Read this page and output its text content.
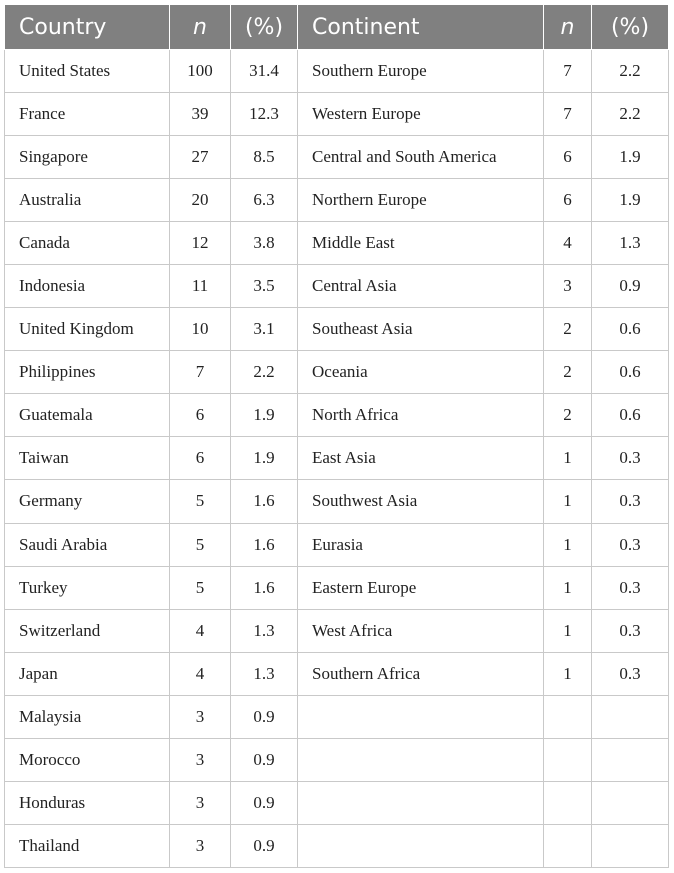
Country	n	(%)	Continent	n	(%)
United States	100	31.4	Southern Europe	7	2.2
France	39	12.3	Western Europe	7	2.2
Singapore	27	8.5	Central and South America	6	1.9
Australia	20	6.3	Northern Europe	6	1.9
Canada	12	3.8	Middle East	4	1.3
Indonesia	11	3.5	Central Asia	3	0.9
United Kingdom	10	3.1	Southeast Asia	2	0.6
Philippines	7	2.2	Oceania	2	0.6
Guatemala	6	1.9	North Africa	2	0.6
Taiwan	6	1.9	East Asia	1	0.3
Germany	5	1.6	Southwest Asia	1	0.3
Saudi Arabia	5	1.6	Eurasia	1	0.3
Turkey	5	1.6	Eastern Europe	1	0.3
Switzerland	4	1.3	West Africa	1	0.3
Japan	4	1.3	Southern Africa	1	0.3
Malaysia	3	0.9			
Morocco	3	0.9			
Honduras	3	0.9			
Thailand	3	0.9			
